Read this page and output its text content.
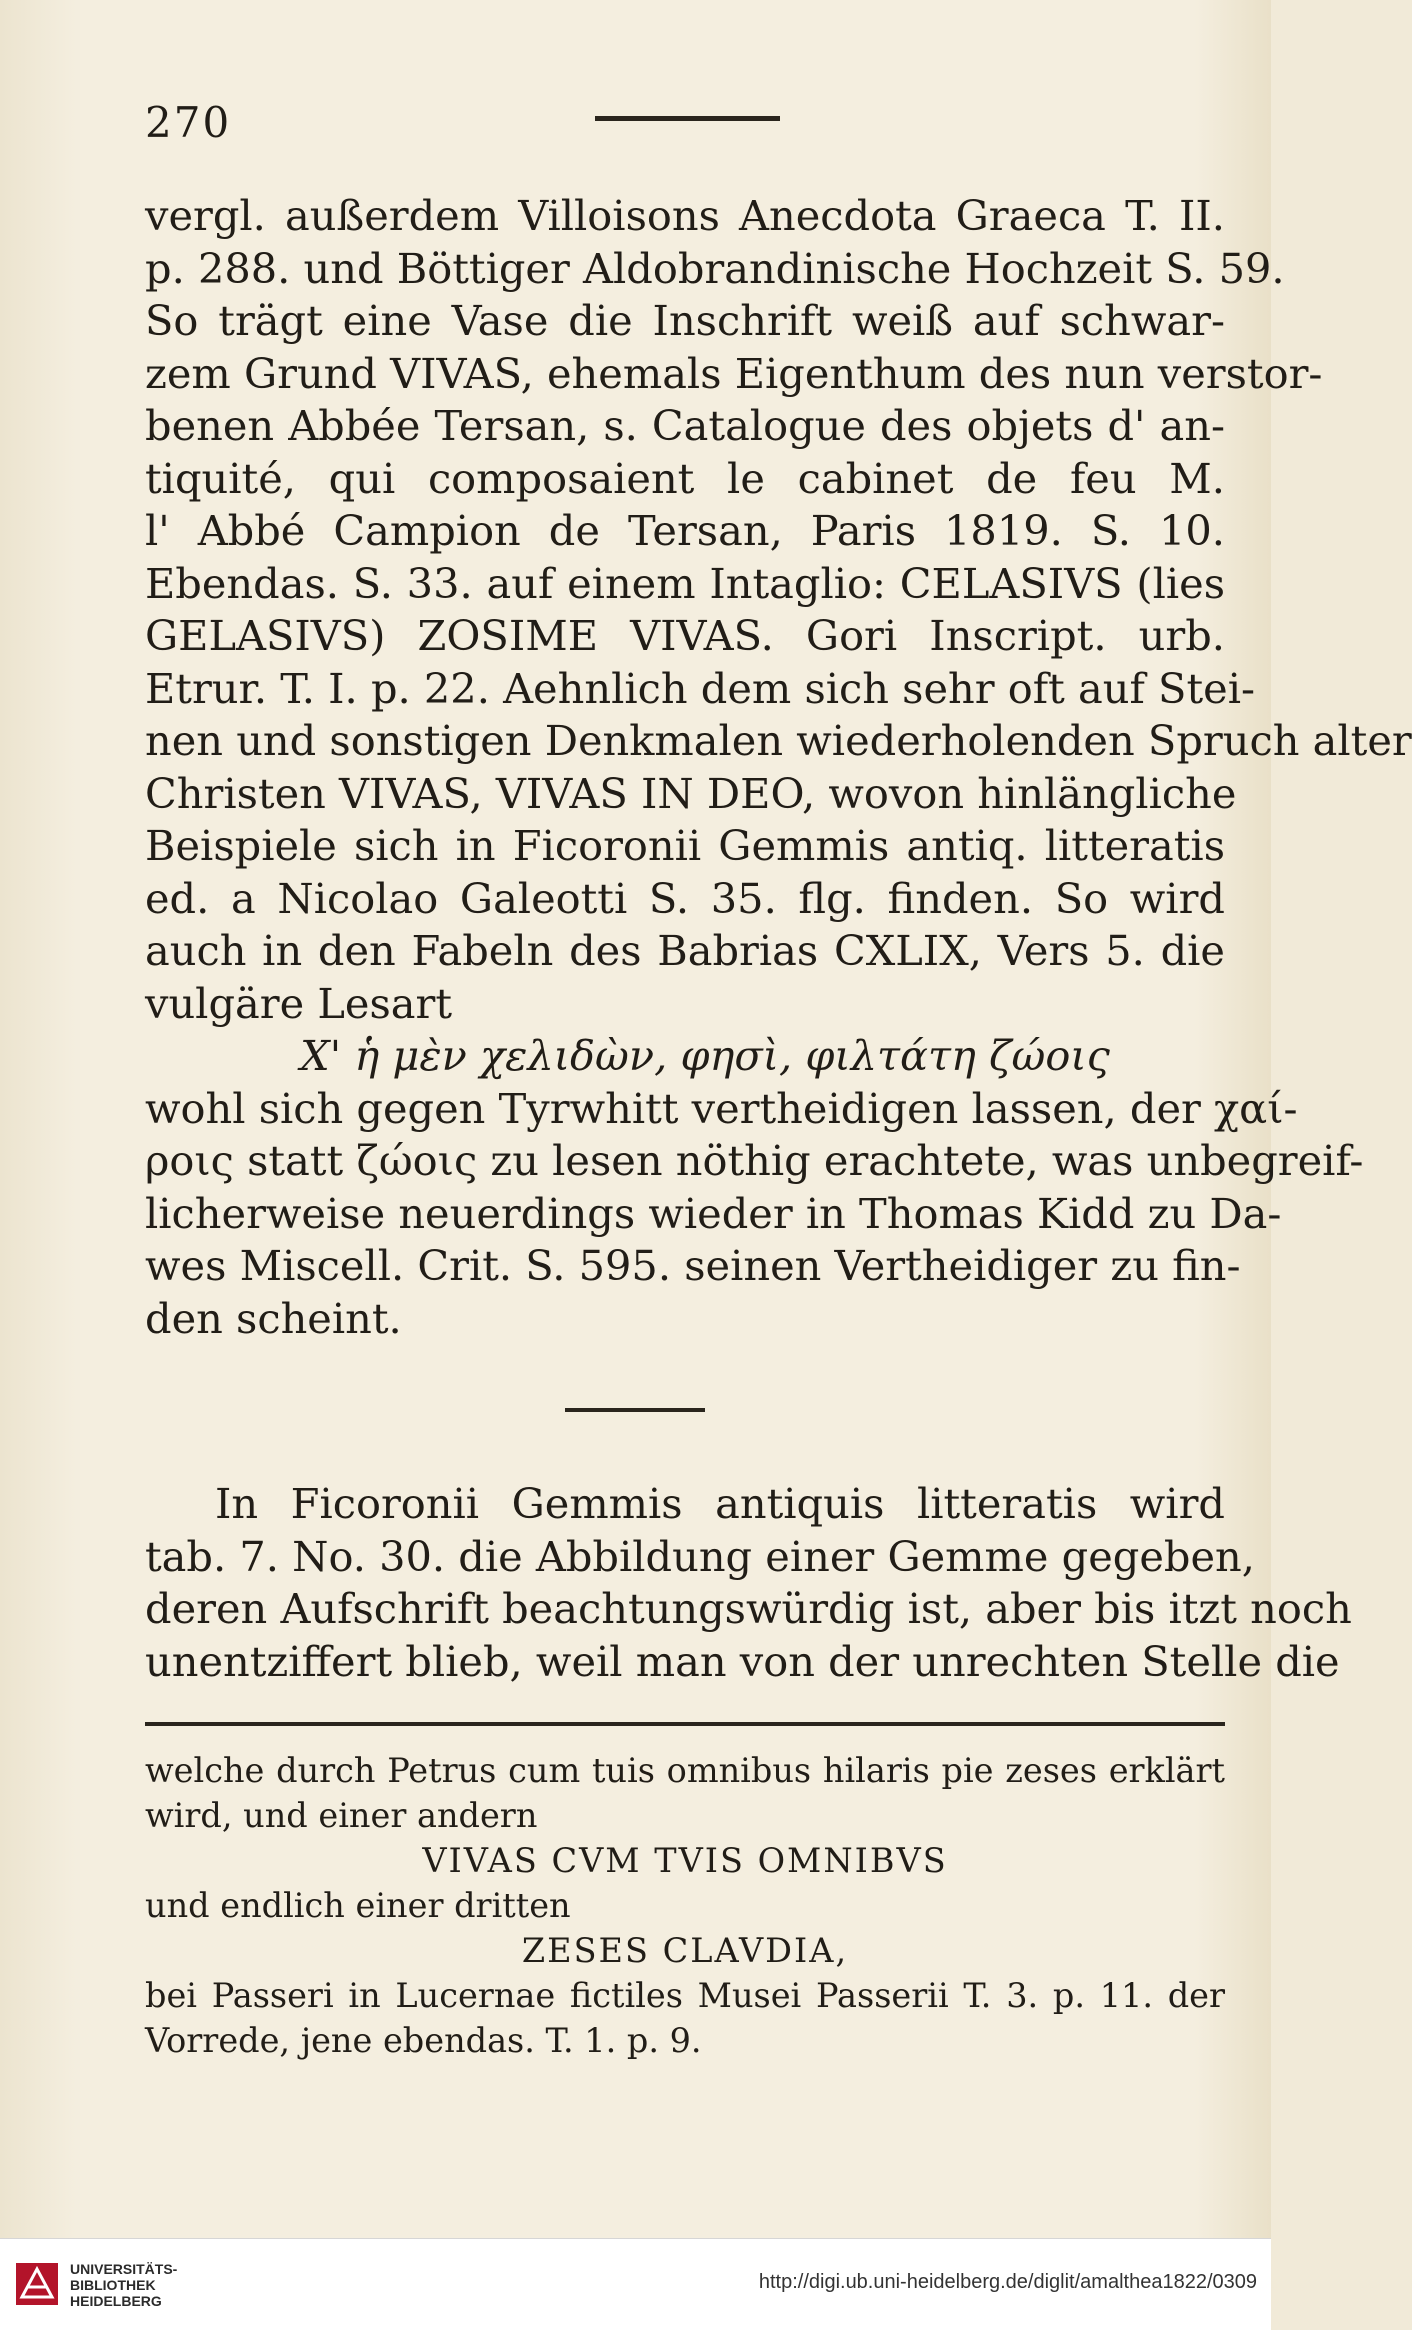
270
vergl. außerdem Villoisons Anecdota Graeca T. II.
p. 288. und Böttiger Aldobrandinische Hochzeit S. 59.
So trägt eine Vase die Inschrift weiß auf schwar-
zem Grund VIVAS, ehemals Eigenthum des nun verstor-
benen Abbée Tersan, s. Catalogue des objets d' an-
tiquité, qui composaient le cabinet de feu M.
l' Abbé Campion de Tersan, Paris 1819. S. 10.
Ebendas. S. 33. auf einem Intaglio: CELASIVS (lies
GELASIVS) ZOSIME VIVAS. Gori Inscript. urb.
Etrur. T. I. p. 22. Aehnlich dem sich sehr oft auf Stei-
nen und sonstigen Denkmalen wiederholenden Spruch alter
Christen VIVAS, VIVAS IN DEO, wovon hinlängliche
Beispiele sich in Ficoronii Gemmis antiq. litteratis
ed. a Nicolao Galeotti S. 35. flg. finden. So wird
auch in den Fabeln des Babrias CXLIX, Vers 5. die
vulgäre Lesart
Χ' ἡ μὲν χελιδὼν, φησὶ, φιλτάτη ζώοις
wohl sich gegen Tyrwhitt vertheidigen lassen, der χαί-
ροις statt ζώοις zu lesen nöthig erachtete, was unbegreif-
licherweise neuerdings wieder in Thomas Kidd zu Da-
wes Miscell. Crit. S. 595. seinen Vertheidiger zu fin-
den scheint.
In Ficoronii Gemmis antiquis litteratis wird
tab. 7. No. 30. die Abbildung einer Gemme gegeben,
deren Aufschrift beachtungswürdig ist, aber bis itzt noch
unentziffert blieb, weil man von der unrechten Stelle die
welche durch Petrus cum tuis omnibus hilaris pie zeses erklärt
wird, und einer andern
VIVAS CVM TVIS OMNIBVS
und endlich einer dritten
ZESES CLAVDIA,
bei Passeri in Lucernae fictiles Musei Passerii T. 3. p. 11. der
Vorrede, jene ebendas. T. 1. p. 9.
UNIVERSITÄTS-
BIBLIOTHEK
HEIDELBERG
http://digi.ub.uni-heidelberg.de/diglit/amalthea1822/0309
